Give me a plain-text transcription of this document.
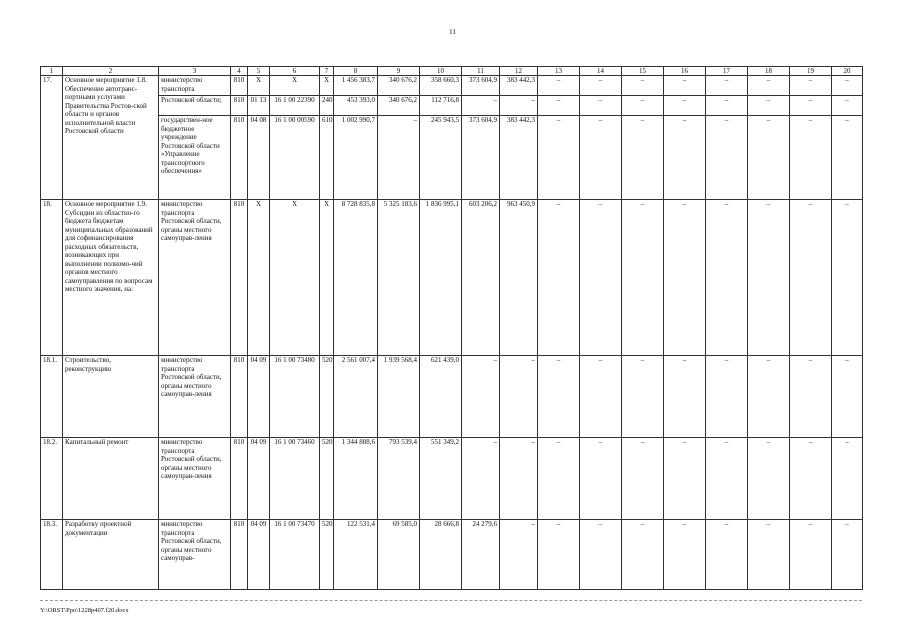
11
1	2	3	4	5	6	7	8	9	10	11	12	13	14	15	16	17	18	19	20
17.	Основное мероприятие 1.8. Обеспечение автотранс-портными услугами Правительства Ростов-ской области и органов исполнительной власти Ростовской области	министерство транспорта	810	Х	Х	Х	1 456 383,7	340 676,2	358 660,3	373 604,9	383 442,3	–	–	–	–	–	–	–	–
		Ростовской области;	810	01 13	16 1 00 22390	240	453 393,0	340 676,2	112 716,8	–	–	–	–	–	–	–	–	–	–
		государствен-ное бюджетное учреждение Ростовской области «Управление транспортного обеспечения»	810	04 08	16 1 00 00590	610	1 002 990,7	–	245 943,5	373 604,9	383 442,3	–	–	–	–	–	–	–	–
18.	Основное мероприятие 1.9. Субсидии из областно-го бюджета бюджетам муниципальных образований для софинансирования расходных обязательств, возникающих при выполнении полномо-чий органов местного самоуправления по вопросам местного значения, на:	министерство транспорта Ростовской области, органы местного самоуправ-ления	810	Х	Х	Х	8 728 835,8	5 325 183,6	1 836 995,1	603 206,2	963 450,9	–	–	–	–	–	–	–	–
18.1.	Строительство, реконструкцию	министерство транспорта Ростовской области, органы местного самоуправ-ления	810	04 09	16 1 00 73480	520	2 561 007,4	1 939 568,4	621 439,0	–	–	–	–	–	–	–	–	–	–
18.2.	Капитальный ремонт	министерство транспорта Ростовской области, органы местного самоуправ-ления	810	04 09	16 1 00 73460	520	1 344 888,6	793 539,4	551 349,2	–	–	–	–	–	–	–	–	–	–
18.3.	Разработку проектной документации	министерство транспорта Ростовской области, органы местного самоуправ-	810	04 09	16 1 00 73470	520	122 531,4	69 585,0	28 666,8	24 279,6	–	–	–	–	–	–	–	–	–
Y:\ORST\Ppo\1228p407.f20.docx
